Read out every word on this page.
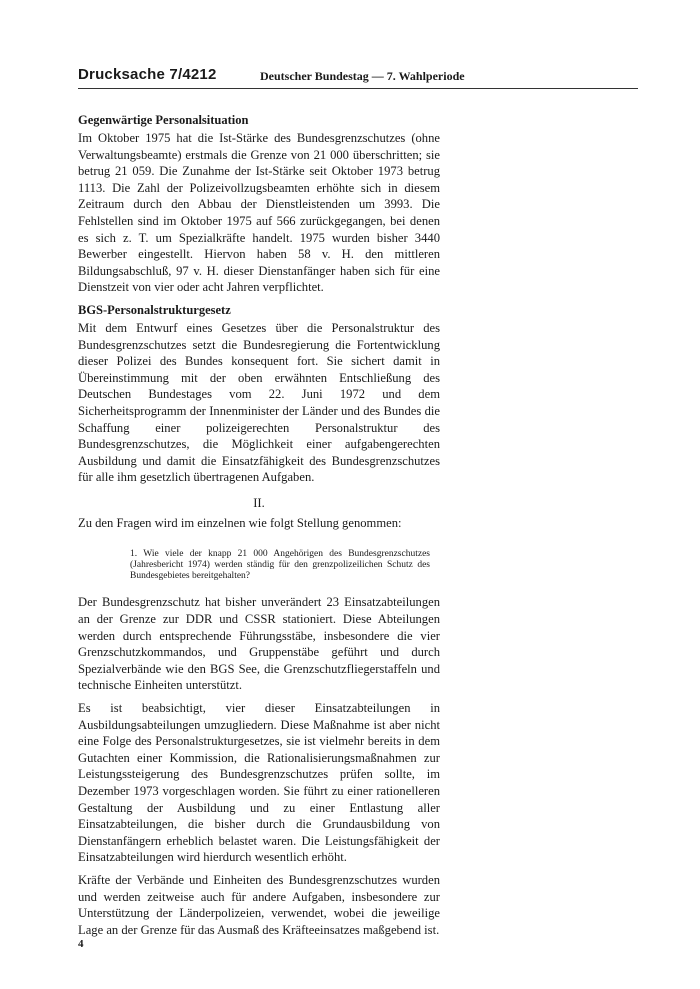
Drucksache 7/4212	Deutscher Bundestag — 7. Wahlperiode
Gegenwärtige Personalsituation

Im Oktober 1975 hat die Ist-Stärke des Bundesgrenzschutzes (ohne Verwaltungsbeamte) erstmals die Grenze von 21 000 überschritten; sie betrug 21 059. Die Zunahme der Ist-Stärke seit Oktober 1973 betrug 1113. Die Zahl der Polizeivollzugsbeamten erhöhte sich in diesem Zeitraum durch den Abbau der Dienstleistenden um 3993. Die Fehlstellen sind im Oktober 1975 auf 566 zurückgegangen, bei denen es sich z. T. um Spezialkräfte handelt. 1975 wurden bisher 3440 Bewerber eingestellt. Hiervon haben 58 v. H. den mittleren Bildungsabschluß, 97 v. H. dieser Dienstanfänger haben sich für eine Dienstzeit von vier oder acht Jahren verpflichtet.

BGS-Personalstrukturgesetz

Mit dem Entwurf eines Gesetzes über die Personalstruktur des Bundesgrenzschutzes setzt die Bundesregierung die Fortentwicklung dieser Polizei des Bundes konsequent fort. Sie sichert damit in Übereinstimmung mit der oben erwähnten Entschließung des Deutschen Bundestages vom 22. Juni 1972 und dem Sicherheitsprogramm der Innenminister der Länder und des Bundes die Schaffung einer polizeigerechten Personalstruktur des Bundesgrenzschutzes, die Möglichkeit einer aufgabengerechten Ausbildung und damit die Einsatzfähigkeit des Bundesgrenzschutzes für alle ihm gesetzlich übertragenen Aufgaben.

II.

Zu den Fragen wird im einzelnen wie folgt Stellung genommen:

1. Wie viele der knapp 21 000 Angehörigen des Bundesgrenzschutzes (Jahresbericht 1974) werden ständig für den grenzpolizeilichen Schutz des Bundesgebietes bereitgehalten?

Der Bundesgrenzschutz hat bisher unverändert 23 Einsatzabteilungen an der Grenze zur DDR und CSSR stationiert. Diese Abteilungen werden durch entsprechende Führungsstäbe, insbesondere die vier Grenzschutzkommandos, und Gruppenstäbe geführt und durch Spezialverbände wie den BGS See, die Grenzschutzfliegerstaffeln und technische Einheiten unterstützt.

Es ist beabsichtigt, vier dieser Einsatzabteilungen in Ausbildungsabteilungen umzugliedern. Diese Maßnahme ist aber nicht eine Folge des Personalstrukturgesetzes, sie ist vielmehr bereits in dem Gutachten einer Kommission, die Rationalisierungsmaßnahmen zur Leistungssteigerung des Bundesgrenzschutzes prüfen sollte, im Dezember 1973 vorgeschlagen worden. Sie führt zu einer rationelleren Gestaltung der Ausbildung und zu einer Entlastung aller Einsatzabteilungen, die bisher durch die Grundausbildung von Dienstanfängern erheblich belastet waren. Die Leistungsfähigkeit der Einsatzabteilungen wird hierdurch wesentlich erhöht.

Kräfte der Verbände und Einheiten des Bundesgrenzschutzes wurden und werden zeitweise auch für andere Aufgaben, insbesondere zur Unterstützung der Länderpolizeien, verwendet, wobei die jeweilige Lage an der Grenze für das Ausmaß des Kräfteeinsatzes maßgebend ist.

4
